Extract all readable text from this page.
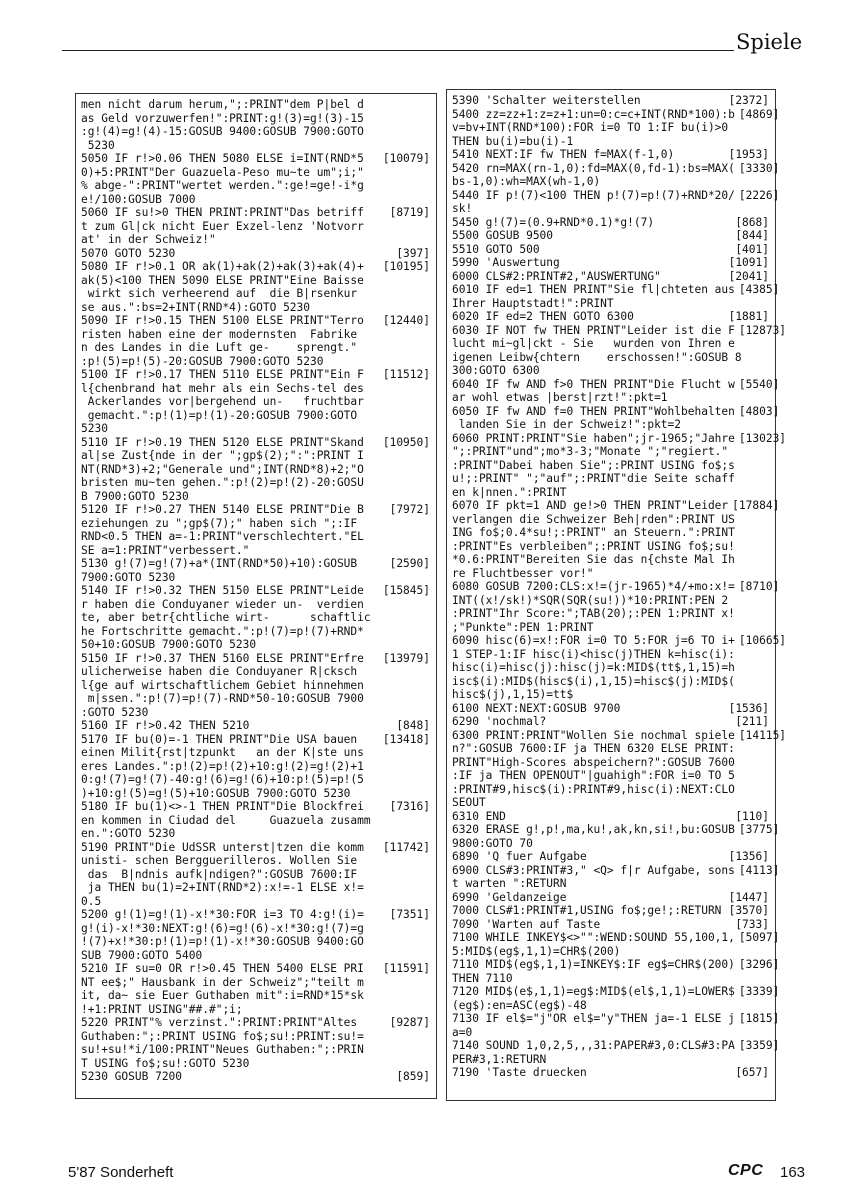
Spiele
men nicht darum herum,";:PRINT"dem P|bel d
as Geld vorzuwerfen!":PRINT:g!(3)=g!(3)-15
:g!(4)=g!(4)-15:GOSUB 9400:GOSUB 7900:GOTO
5230
5050 IF r!>0.06 THEN 5080 ELSE i=INT(RND*5	[10079]
0)+5:PRINT"Der Guazuela-Peso mu~te um";i;"
% abge-":PRINT"wertet werden.":ge!=ge!-i*g
e!/100:GOSUB 7000
5060 IF su!>0 THEN PRINT:PRINT"Das betriff	[8719]
t zum Gl|ck nicht Euer Exzel-lenz 'Notvorr
at' in der Schweiz!"
5070 GOTO 5230	[397]
5080 IF r!>0.1 OR ak(1)+ak(2)+ak(3)+ak(4)+	[10195]
ak(5)<100 THEN 5090 ELSE PRINT"Eine Baisse
wirkt sich verheerend auf  die B|rsenkur
se aus.":bs=2+INT(RND*4):GOTO 5230
5090 IF r!>0.15 THEN 5100 ELSE PRINT"Terro	[12440]
risten haben eine der modernsten  Fabrike
n des Landes in die Luft ge-    sprengt."
:p!(5)=p!(5)-20:GOSUB 7900:GOTO 5230
5100 IF r!>0.17 THEN 5110 ELSE PRINT"Ein F	[11512]
l{chenbrand hat mehr als ein Sechs-tel des
Ackerlandes vor|bergehend un-   fruchtbar
gemacht.":p!(1)=p!(1)-20:GOSUB 7900:GOTO
5230
5110 IF r!>0.19 THEN 5120 ELSE PRINT"Skand	[10950]
al|se Zust{nde in der ";gp$(2);":":PRINT I
NT(RND*3)+2;"Generale und";INT(RND*8)+2;"O
bristen mu~ten gehen.":p!(2)=p!(2)-20:GOSU
B 7900:GOTO 5230
5120 IF r!>0.27 THEN 5140 ELSE PRINT"Die B	[7972]
eziehungen zu ";gp$(7);" haben sich ";:IF
RND<0.5 THEN a=-1:PRINT"verschlechtert."EL
SE a=1:PRINT"verbessert."
5130 g!(7)=g!(7)+a*(INT(RND*50)+10):GOSUB	[2590]
7900:GOTO 5230
5140 IF r!>0.32 THEN 5150 ELSE PRINT"Leide	[15845]
r haben die Conduyaner wieder un-  verdien
te, aber betr{chtliche wirt-      schaftlic
he Fortschritte gemacht.":p!(7)=p!(7)+RND*
50+10:GOSUB 7900:GOTO 5230
5150 IF r!>0.37 THEN 5160 ELSE PRINT"Erfre	[13979]
ulicherweise haben die Conduyaner R|cksch
l{ge auf wirtschaftlichem Gebiet hinnehmen
m|ssen.":p!(7)=p!(7)-RND*50-10:GOSUB 7900
:GOTO 5230
5160 IF r!>0.42 THEN 5210	[848]
5170 IF bu(0)=-1 THEN PRINT"Die USA bauen	[13418]
einen Milit{rst|tzpunkt   an der K|ste uns
eres Landes.":p!(2)=p!(2)+10:g!(2)=g!(2)+1
0:g!(7)=g!(7)-40:g!(6)=g!(6)+10:p!(5)=p!(5
)+10:g!(5)=g!(5)+10:GOSUB 7900:GOTO 5230
5180 IF bu(1)<>-1 THEN PRINT"Die Blockfrei	[7316]
en kommen in Ciudad del     Guazuela zusamm
en.":GOTO 5230
5190 PRINT"Die UdSSR unterst|tzen die komm	[11742]
unisti- schen Bergguerilleros. Wollen Sie
das  B|ndnis aufk|ndigen?":GOSUB 7600:IF
ja THEN bu(1)=2+INT(RND*2):x!=-1 ELSE x!=
0.5
5200 g!(1)=g!(1)-x!*30:FOR i=3 TO 4:g!(i)=	[7351]
g!(i)-x!*30:NEXT:g!(6)=g!(6)-x!*30:g!(7)=g
!(7)+x!*30:p!(1)=p!(1)-x!*30:GOSUB 9400:GO
SUB 7900:GOTO 5400
5210 IF su=0 OR r!>0.45 THEN 5400 ELSE PRI	[11591]
NT ee$;" Hausbank in der Schweiz";"teilt m
it, da~ sie Euer Guthaben mit":i=RND*15*sk
!+1:PRINT USING"##.#";i;
5220 PRINT"% verzinst.":PRINT:PRINT"Altes	[9287]
Guthaben:";:PRINT USING fo$;su!:PRINT:su!=
su!+su!*i/100:PRINT"Neues Guthaben:";:PRIN
T USING fo$;su!:GOTO 5230
5230 GOSUB 7200	[859]
5390 'Schalter weiterstellen	[2372]
5400 zz=zz+1:z=z+1:un=0:c=c+INT(RND*100):b [4869]
v=bv+INT(RND*100):FOR i=0 TO 1:IF bu(i)>0
THEN bu(i)=bu(i)-1
5410 NEXT:IF fw THEN f=MAX(f-1,0)	[1953]
5420 rn=MAX(rn-1,0):fd=MAX(0,fd-1):bs=MAX( [3330]
bs-1,0):wh=MAX(wh-1,0)
5440 IF p!(7)<100 THEN p!(7)=p!(7)+RND*20/ [2226]
sk!
5450 g!(7)=(0.9+RND*0.1)*g!(7)	[868]
5500 GOSUB 9500	[844]
5510 GOTO 500	[401]
5990 'Auswertung	[1091]
6000 CLS#2:PRINT#2,"AUSWERTUNG"	[2041]
6010 IF ed=1 THEN PRINT"Sie fl|chteten aus [4385]
Ihrer Hauptstadt!":PRINT
6020 IF ed=2 THEN GOTO 6300	[1881]
6030 IF NOT fw THEN PRINT"Leider ist die F [12873]
lucht mi~gl|ckt - Sie   wurden von Ihren e
igenen Leibw{chtern    erschossen!":GOSUB 8
300:GOTO 6300
6040 IF fw AND f>0 THEN PRINT"Die Flucht w [5540]
ar wohl etwas |berst|rzt!":pkt=1
6050 IF fw AND f=0 THEN PRINT"Wohlbehalten [4803]
landen Sie in der Schweiz!":pkt=2
6060 PRINT:PRINT"Sie haben";jr-1965;"Jahre [13023]
";:PRINT"und";mo*3-3;"Monate ";"regiert."
:PRINT"Dabei haben Sie";:PRINT USING fo$;s
u!;:PRINT" ";"auf";:PRINT"die Seite schaff
en k|nnen.":PRINT
6070 IF pkt=1 AND ge!>0 THEN PRINT"Leider [17884]
verlangen die Schweizer Beh|rden":PRINT US
ING fo$;0.4*su!;:PRINT" an Steuern.":PRINT
:PRINT"Es verbleiben";:PRINT USING fo$;su!
*0.6:PRINT"Bereiten Sie das n{chste Mal Ih
re Fluchtbesser vor!"
6080 GOSUB 7200:CLS:x!=(jr-1965)*4/+mo:x!= [8710]
INT((x!/sk!)*SQR(SQR(su!))*10:PRINT:PEN 2
:PRINT"Ihr Score:";TAB(20);:PEN 1:PRINT x!
;"Punkte":PEN 1:PRINT
6090 hisc(6)=x!:FOR i=0 TO 5:FOR j=6 TO i+ [10665]
1 STEP-1:IF hisc(i)<hisc(j)THEN k=hisc(i):
hisc(i)=hisc(j):hisc(j)=k:MID$(tt$,1,15)=h
isc$(i):MID$(hisc$(i),1,15)=hisc$(j):MID$(
hisc$(j),1,15)=tt$
6100 NEXT:NEXT:GOSUB 9700	[1536]
6290 'nochmal?	[211]
6300 PRINT:PRINT"Wollen Sie nochmal spiele [14115]
n?":GOSUB 7600:IF ja THEN 6320 ELSE PRINT:
PRINT"High-Scores abspeichern?":GOSUB 7600
:IF ja THEN OPENOUT"|guahigh":FOR i=0 TO 5
:PRINT#9,hisc$(i):PRINT#9,hisc(i):NEXT:CLO
SEOUT
6310 END	[110]
6320 ERASE g!,p!,ma,ku!,ak,kn,si!,bu:GOSUB [3775]
9800:GOTO 70
6890 'Q fuer Aufgabe	[1356]
6900 CLS#3:PRINT#3," <Q> f|r Aufgabe, sons [4113]
t warten ":RETURN
6990 'Geldanzeige	[1447]
7000 CLS#1:PRINT#1,USING fo$;ge!;:RETURN [3570]
7090 'Warten auf Taste	[733]
7100 WHILE INKEY$<>"":WEND:SOUND 55,100,1, [5097]
5:MID$(eg$,1,1)=CHR$(200)
7110 MID$(eg$,1,1)=INKEY$:IF eg$=CHR$(200) [3296]
THEN 7110
7120 MID$(e$,1,1)=eg$:MID$(el$,1,1)=LOWER$ [3339]
(eg$):en=ASC(eg$)-48
7130 IF el$="j"OR el$="y"THEN ja=-1 ELSE j [1815]
a=0
7140 SOUND 1,0,2,5,,,31:PAPER#3,0:CLS#3:PA [3359]
PER#3,1:RETURN
7190 'Taste druecken	[657]
5'87 Sonderheft	CPC 163
